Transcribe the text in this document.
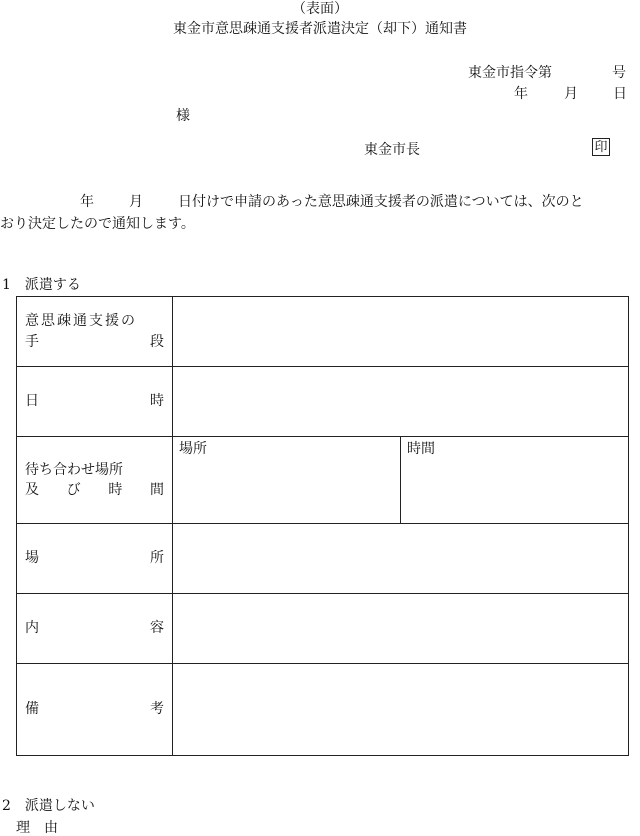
（表面）
東金市意思疎通支援者派遣決定（却下）通知書
東金市指令第	号
年	月	日
様
東金市長	印
年	月	日付けで申請のあった意思疎通支援者の派遣については、次のと
おり決定したので通知します。
1　派遣する
意思疎通支援の
手 段		

日 時		

待ち合わせ場所
及 び 時 間	場所	時間

場 所		

内 容		

備 考		

2　派遣しない
理　由
